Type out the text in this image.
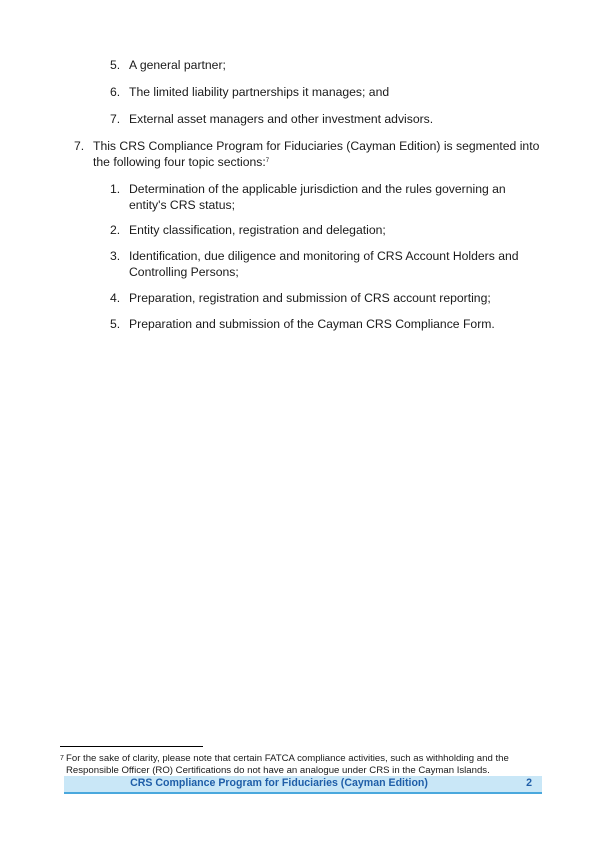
5. A general partner;
6. The limited liability partnerships it manages; and
7. External asset managers and other investment advisors.
7. This CRS Compliance Program for Fiduciaries (Cayman Edition) is segmented into
the following four topic sections:$^7$
1. Determination of the applicable jurisdiction and the rules governing an
entity's CRS status;
2. Entity classification, registration and delegation;
3. Identification, due diligence and monitoring of CRS Account Holders and
Controlling Persons;
4. Preparation, registration and submission of CRS account reporting;
5. Preparation and submission of the Cayman CRS Compliance Form.
7 For the sake of clarity, please note that certain FATCA compliance activities, such as withholding and the
Responsible Officer (RO) Certifications do not have an analogue under CRS in the Cayman Islands.
CRS Compliance Program for Fiduciaries (Cayman Edition)	2
